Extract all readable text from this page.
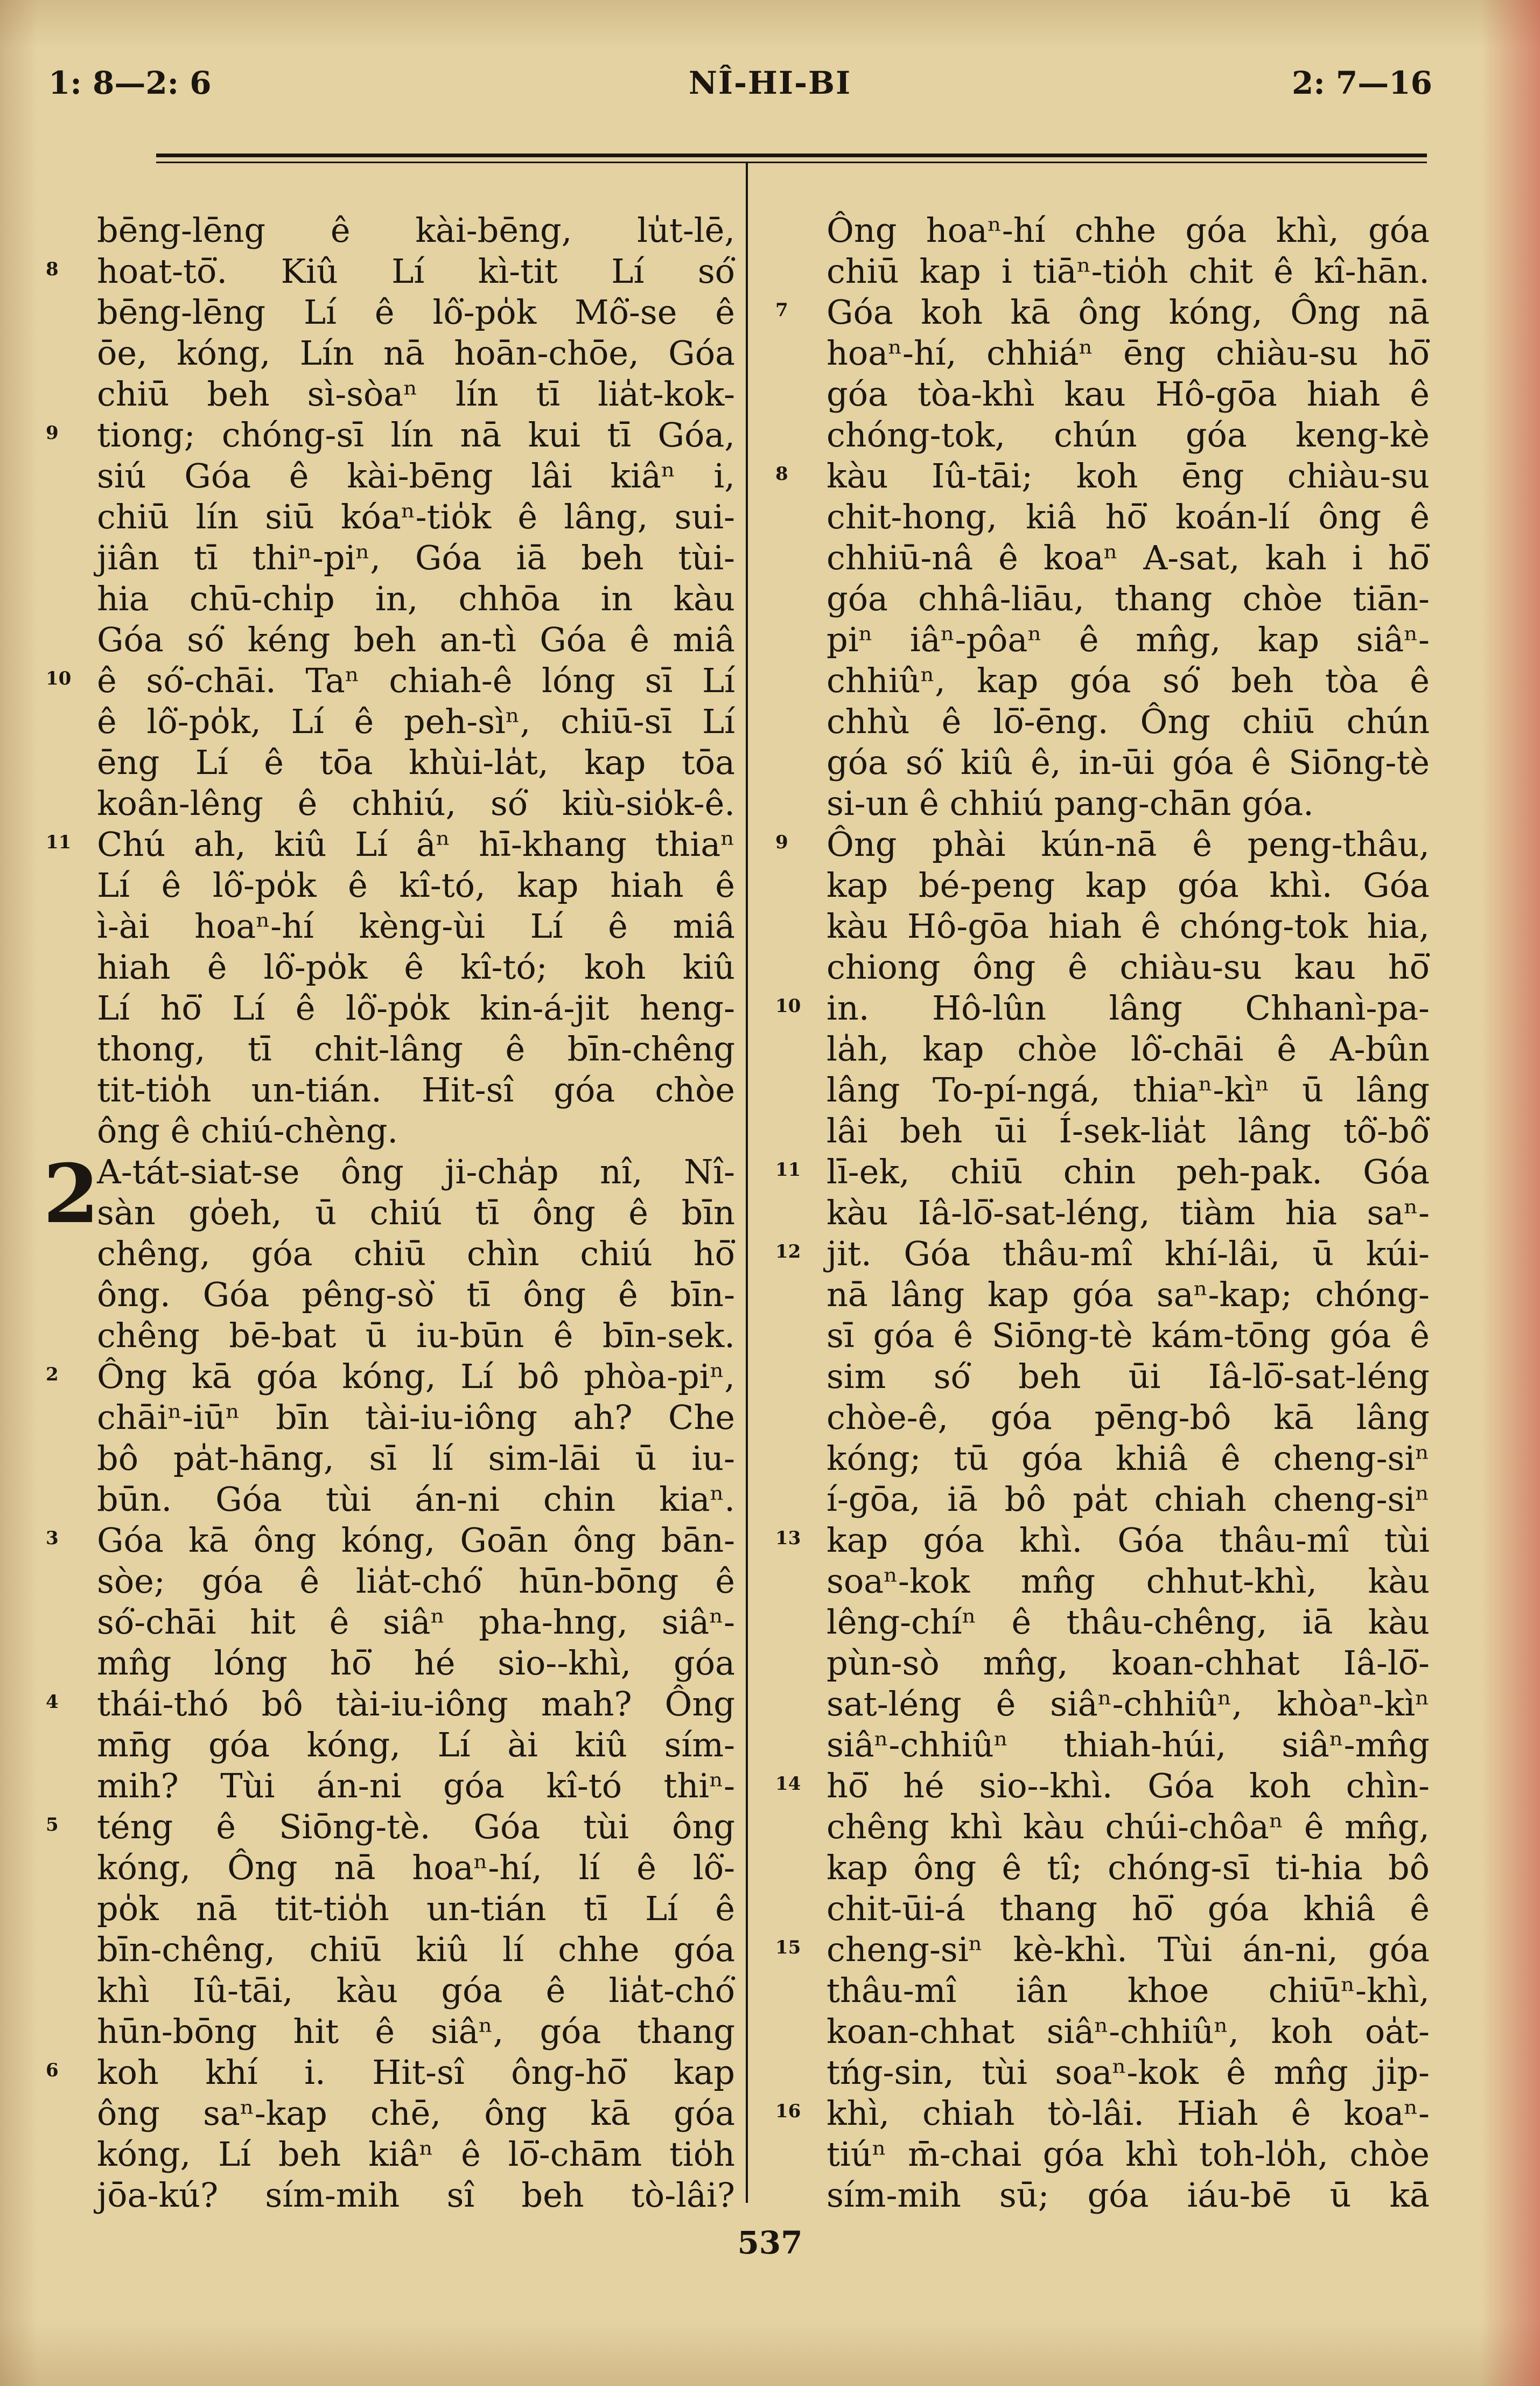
1: 8—2: 6	NÎ-HI-BI	2: 7—16
bēng-lēng ê kài-bēng, lu̍t-lē,
8	hoat-tō͘. Kiû Lí kì-tit Lí só͘
bēng-lēng Lí ê lô͘-po̍k Mô͘-se ê
ōe, kóng, Lín nā hoān-chōe, Góa
chiū beh sì-sòaⁿ lín tī lia̍t-kok-
9	tiong; chóng-sī lín nā kui tī Góa,
siú Góa ê kài-bēng lâi kiâⁿ i,
chiū lín siū kóaⁿ-tio̍k ê lâng, sui-
jiân tī thiⁿ-piⁿ, Góa iā beh tùi-
hia chū-chi̍p in, chhōa in kàu
Góa só͘ kéng beh an-tì Góa ê miâ
10 ê só͘-chāi. Taⁿ chiah-ê lóng sī Lí
ê lô͘-po̍k, Lí ê peh-sìⁿ, chiū-sī Lí
ēng Lí ê tōa khùi-la̍t, kap tōa
koân-lêng ê chhiú, só͘ kiù-sio̍k-ê.
11 Chú ah, kiû Lí âⁿ hī-khang thiaⁿ
Lí ê lô͘-po̍k ê kî-tó, kap hiah ê
ì-ài hoaⁿ-hí kèng-ùi Lí ê miâ
hiah ê lô͘-po̍k ê kî-tó; koh kiû
Lí hō͘ Lí ê lô͘-po̍k kin-á-jit heng-
thong, tī chit-lâng ê bīn-chêng
tit-tio̍h un-tián. Hit-sî góa chòe
ông ê chiú-chèng.
2
A-tát-siat-se ông ji-cha̍p nî, Nî-
sàn go̍eh, ū chiú tī ông ê bīn
chêng, góa chiū chìn chiú hō͘
ông. Góa pêng-sò͘ tī ông ê bīn-
chêng bē-bat ū iu-būn ê bīn-sek.
2	Ông kā góa kóng, Lí bô phòa-piⁿ,
chāiⁿ-iūⁿ bīn tài-iu-iông ah? Che
bô pa̍t-hāng, sī lí sim-lāi ū iu-
būn. Góa tùi án-ni chin kiaⁿ.
3	Góa kā ông kóng, Goān ông bān-
sòe; góa ê lia̍t-chó͘ hūn-bōng ê
só͘-chāi hit ê siâⁿ pha-hng, siâⁿ-
mn̂g lóng hō͘ hé sio--khì, góa
4	thái-thó bô tài-iu-iông mah? Ông
mn̄g góa kóng, Lí ài kiû sím-
mih? Tùi án-ni góa kî-tó thiⁿ-
5	téng ê Siōng-tè. Góa tùi ông
kóng, Ông nā hoaⁿ-hí, lí ê lô͘-
po̍k nā tit-tio̍h un-tián tī Lí ê
bīn-chêng, chiū kiû lí chhe góa
khì Iû-tāi, kàu góa ê lia̍t-chó͘
hūn-bōng hit ê siâⁿ, góa thang
6	koh khí i. Hit-sî ông-hō͘ kap
ông saⁿ-kap chē, ông kā góa
kóng, Lí beh kiâⁿ ê lō͘-chām tio̍h
jōa-kú? sím-mih sî beh tò-lâi?
Ông hoaⁿ-hí chhe góa khì, góa
chiū kap i tiāⁿ-tio̍h chit ê kî-hān.
7	Góa koh kā ông kóng, Ông nā
hoaⁿ-hí, chhiáⁿ ēng chiàu-su hō͘
góa tòa-khì kau Hô-gōa hiah ê
chóng-tok, chún góa keng-kè
8	kàu Iû-tāi; koh ēng chiàu-su
chit-hong, kiâ hō͘ koán-lí ông ê
chhiū-nâ ê koaⁿ A-sat, kah i hō͘
góa chhâ-liāu, thang chòe tiān-
piⁿ iâⁿ-pôaⁿ ê mn̂g, kap siâⁿ-
chhiûⁿ, kap góa só͘ beh tòa ê
chhù ê lō͘-ēng. Ông chiū chún
góa só͘ kiû ê, in-ūi góa ê Siōng-tè
si-un ê chhiú pang-chān góa.
9	Ông phài kún-nā ê peng-thâu,
kap bé-peng kap góa khì. Góa
kàu Hô-gōa hiah ê chóng-tok hia,
chiong ông ê chiàu-su kau hō͘
10 in. Hô-lûn lâng Chhanì-pa-
la̍h, kap chòe lô͘-chāi ê A-bûn
lâng To-pí-ngá, thiaⁿ-kìⁿ ū lâng
lâi beh ūi Í-sek-lia̍t lâng tô͘-bô͘
11 lī-ek, chiū chin peh-pak. Góa
kàu Iâ-lō͘-sat-léng, tiàm hia saⁿ-
12 jit. Góa thâu-mî khí-lâi, ū kúi-
nā lâng kap góa saⁿ-kap; chóng-
sī góa ê Siōng-tè kám-tōng góa ê
sim só͘ beh ūi Iâ-lō͘-sat-léng
chòe-ê, góa pēng-bô kā lâng
kóng; tū góa khiâ ê cheng-siⁿ
í-gōa, iā bô pa̍t chiah cheng-siⁿ
13 kap góa khì. Góa thâu-mî tùi
soaⁿ-kok mn̂g chhut-khì, kàu
lêng-chíⁿ ê thâu-chêng, iā kàu
pùn-sò mn̂g, koan-chhat Iâ-lō͘-
sat-léng ê siâⁿ-chhiûⁿ, khòaⁿ-kìⁿ
siâⁿ-chhiûⁿ thiah-húi, siâⁿ-mn̂g
14 hō͘ hé sio--khì. Góa koh chìn-
chêng khì kàu chúi-chôaⁿ ê mn̂g,
kap ông ê tî; chóng-sī ti-hia bô
chit-ūi-á thang hō͘ góa khiâ ê
15 cheng-siⁿ kè-khì. Tùi án-ni, góa
thâu-mî iân khoe chiūⁿ-khì,
koan-chhat siâⁿ-chhiûⁿ, koh oa̍t-
tńg-sin, tùi soaⁿ-kok ê mn̂g ji̍p-
16 khì, chiah tò-lâi. Hiah ê koaⁿ-
tiúⁿ m̄-chai góa khì toh-lo̍h, chòe
sím-mih sū; góa iáu-bē ū kā
537
